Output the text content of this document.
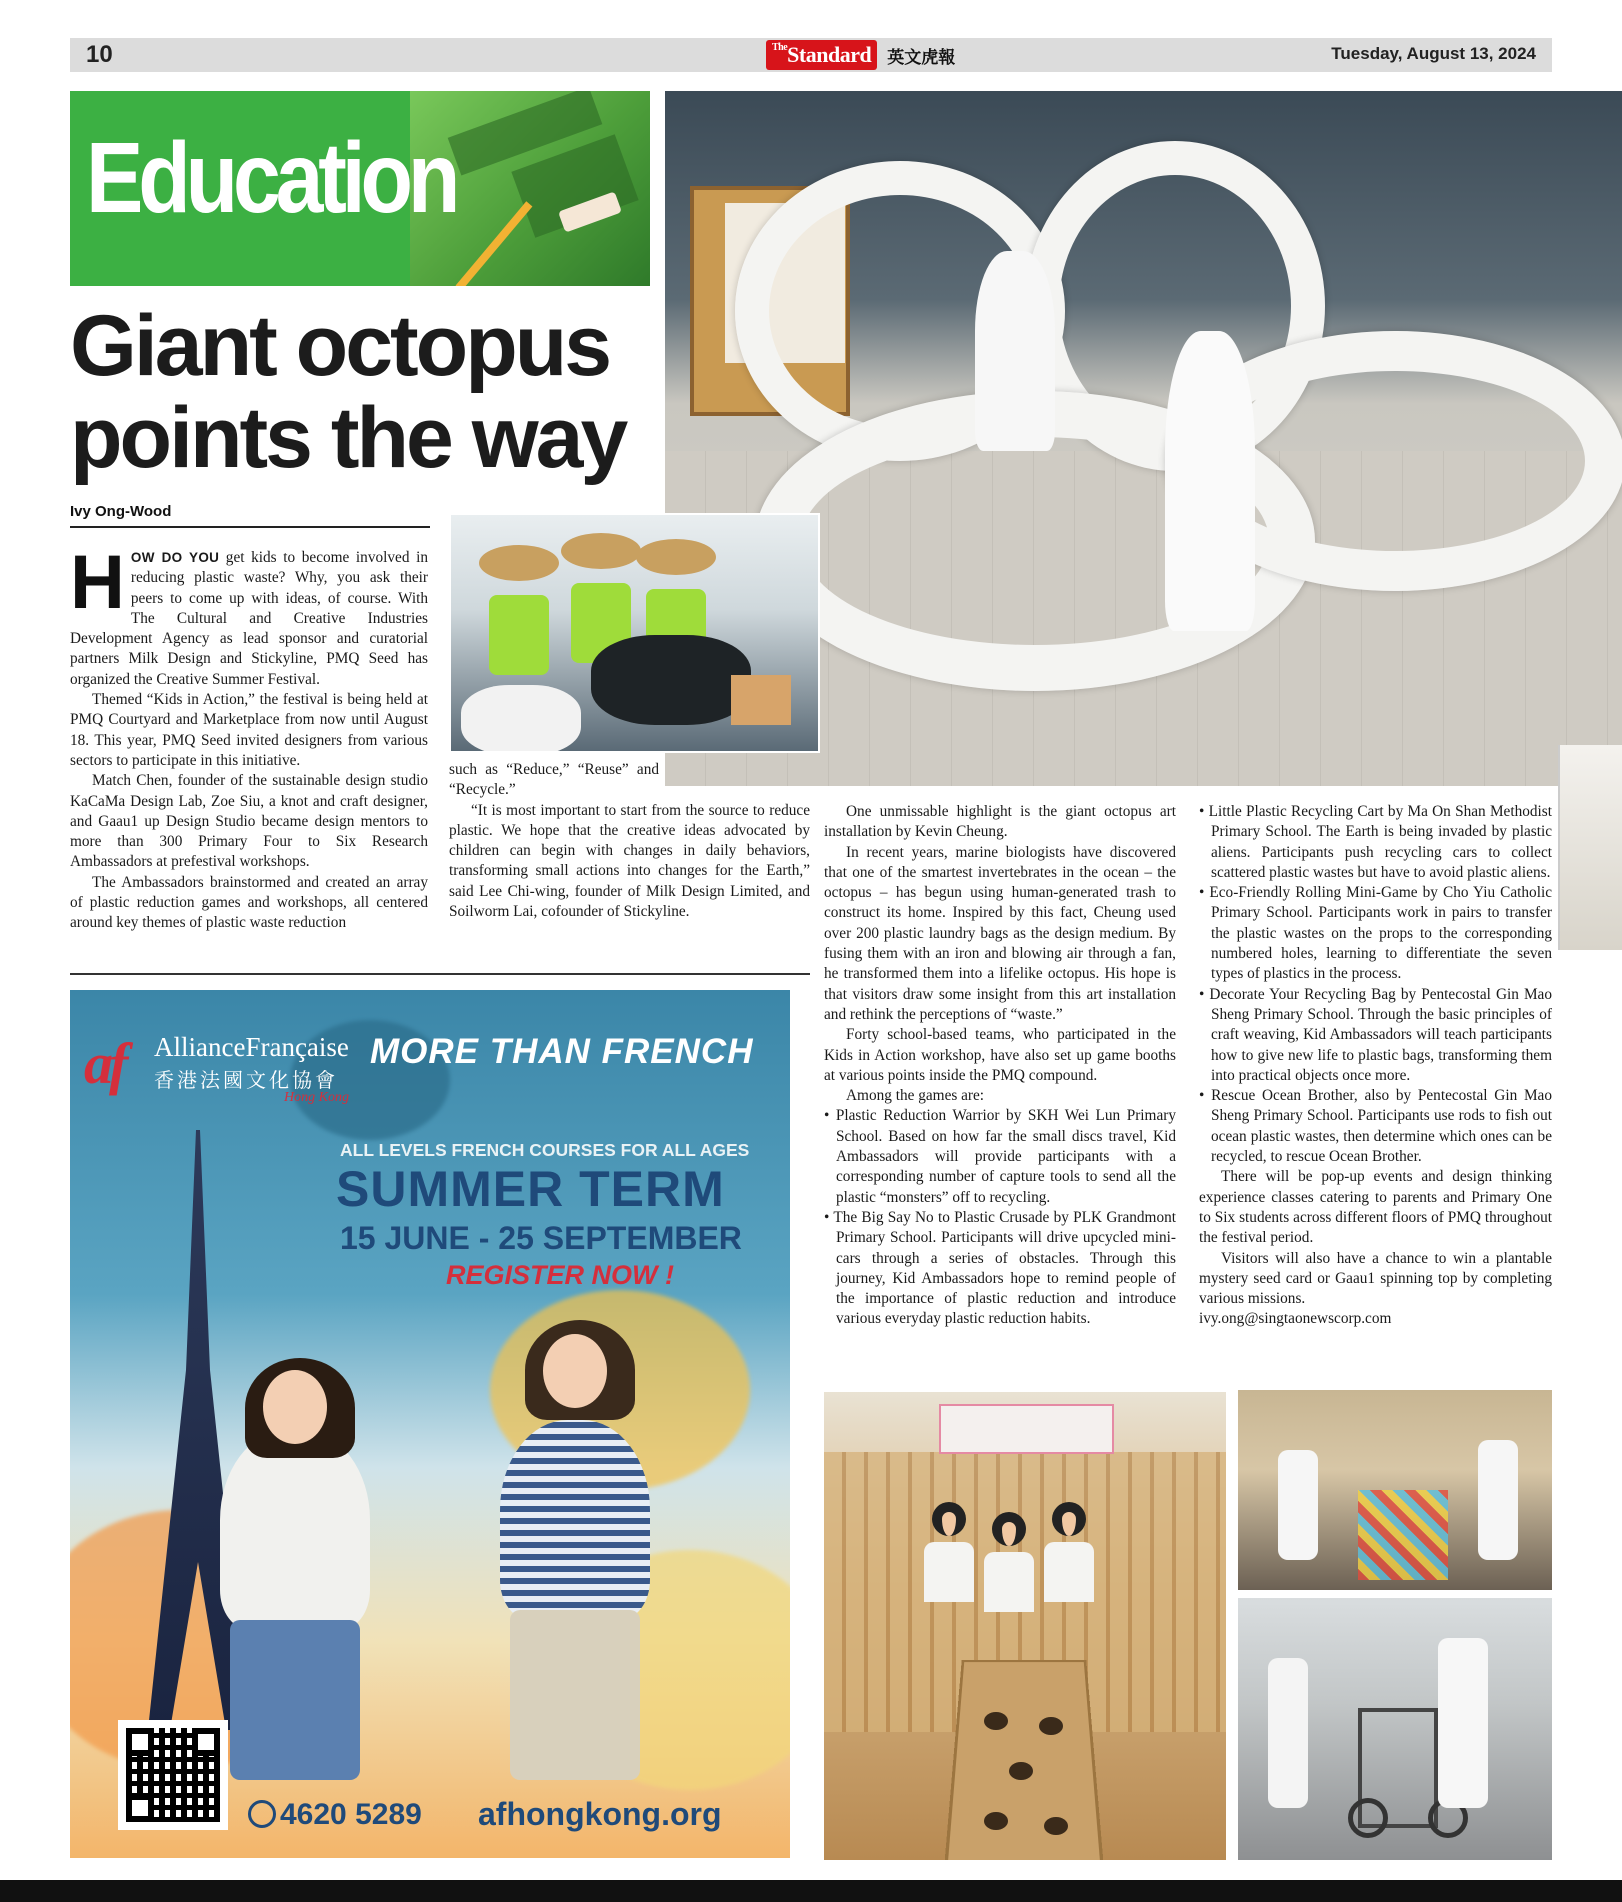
10	$^{The}$Standard 英文虎報	Tuesday, August 13, 2024
Education
Giant octopus
points the way
Ivy Ong-Wood

HOW DO YOU get kids to become involved in reducing plastic waste? Why, you ask their peers to come up with ideas, of course. With The Cultural and Creative Industries Development Agency as lead sponsor and curatorial partners Milk Design and Stickyline, PMQ Seed has organized the Creative Summer Festival.

Themed “Kids in Action,” the festival is being held at PMQ Courtyard and Marketplace from now until August 18. This year, PMQ Seed invited designers from various sectors to participate in this initiative.

Match Chen, founder of the sustainable design studio KaCaMa Design Lab, Zoe Siu, a knot and craft designer, and Gaau1 up Design Studio became design mentors to more than 300 Primary Four to Six Research Ambassadors at prefestival workshops.

The Ambassadors brainstormed and created an array of plastic reduction games and workshops, all centered around key themes of plastic waste reduction

such as “Reduce,” “Reuse” and “Recycle.”

“It is most important to start from the source to reduce plastic. We hope that the creative ideas advocated by children can begin with changes in daily behaviors, transforming small actions into changes for the Earth,” said Lee Chi-wing, founder of Milk Design Limited, and Soilworm Lai, cofounder of Stickyline.

One unmissable highlight is the giant octopus art installation by Kevin Cheung.

In recent years, marine biologists have discovered that one of the smartest invertebrates in the ocean – the octopus – has begun using human-generated trash to construct its home. Inspired by this fact, Cheung used over 200 plastic laundry bags as the design medium. By fusing them with an iron and blowing air through a fan, he transformed them into a lifelike octopus. His hope is that visitors draw some insight from this art installation and rethink the perceptions of “waste.”

Forty school-based teams, who participated in the Kids in Action workshop, have also set up game booths at various points inside the PMQ compound.

Among the games are:

• Plastic Reduction Warrior by SKH Wei Lun Primary School. Based on how far the small discs travel, Kid Ambassadors will provide participants with a corresponding number of capture tools to send all the plastic “monsters” off to recycling.

• The Big Say No to Plastic Crusade by PLK Grandmont Primary School. Participants will drive upcycled mini-cars through a series of obstacles. Through this journey, Kid Ambassadors hope to remind people of the importance of plastic reduction and introduce various everyday plastic reduction habits.

• Little Plastic Recycling Cart by Ma On Shan Methodist Primary School. The Earth is being invaded by plastic aliens. Participants push recycling cars to collect scattered plastic wastes but have to avoid plastic aliens.

• Eco-Friendly Rolling Mini-Game by Cho Yiu Catholic Primary School. Participants work in pairs to transfer the plastic wastes on the props to the corresponding numbered holes, learning to differentiate the seven types of plastics in the process.

• Decorate Your Recycling Bag by Pentecostal Gin Mao Sheng Primary School. Through the basic principles of craft weaving, Kid Ambassadors will teach participants how to give new life to plastic bags, transforming them into practical objects once more.

• Rescue Ocean Brother, also by Pentecostal Gin Mao Sheng Primary School. Participants use rods to fish out ocean plastic wastes, then determine which ones can be recycled, to rescue Ocean Brother.

There will be pop-up events and design thinking experience classes catering to parents and Primary One to Six students across different floors of PMQ throughout the festival period.

Visitors will also have a chance to win a plantable mystery seed card or Gaau1 spinning top by completing various missions.

ivy.ong@singtaonewscorp.com

af AllianceFrançaise
香港法國文化協會
Hong Kong
MORE THAN FRENCH
ALL LEVELS FRENCH COURSES FOR ALL AGES
SUMMER TERM
15 JUNE - 25 SEPTEMBER
REGISTER NOW !
4620 5289 afhongkong.org
